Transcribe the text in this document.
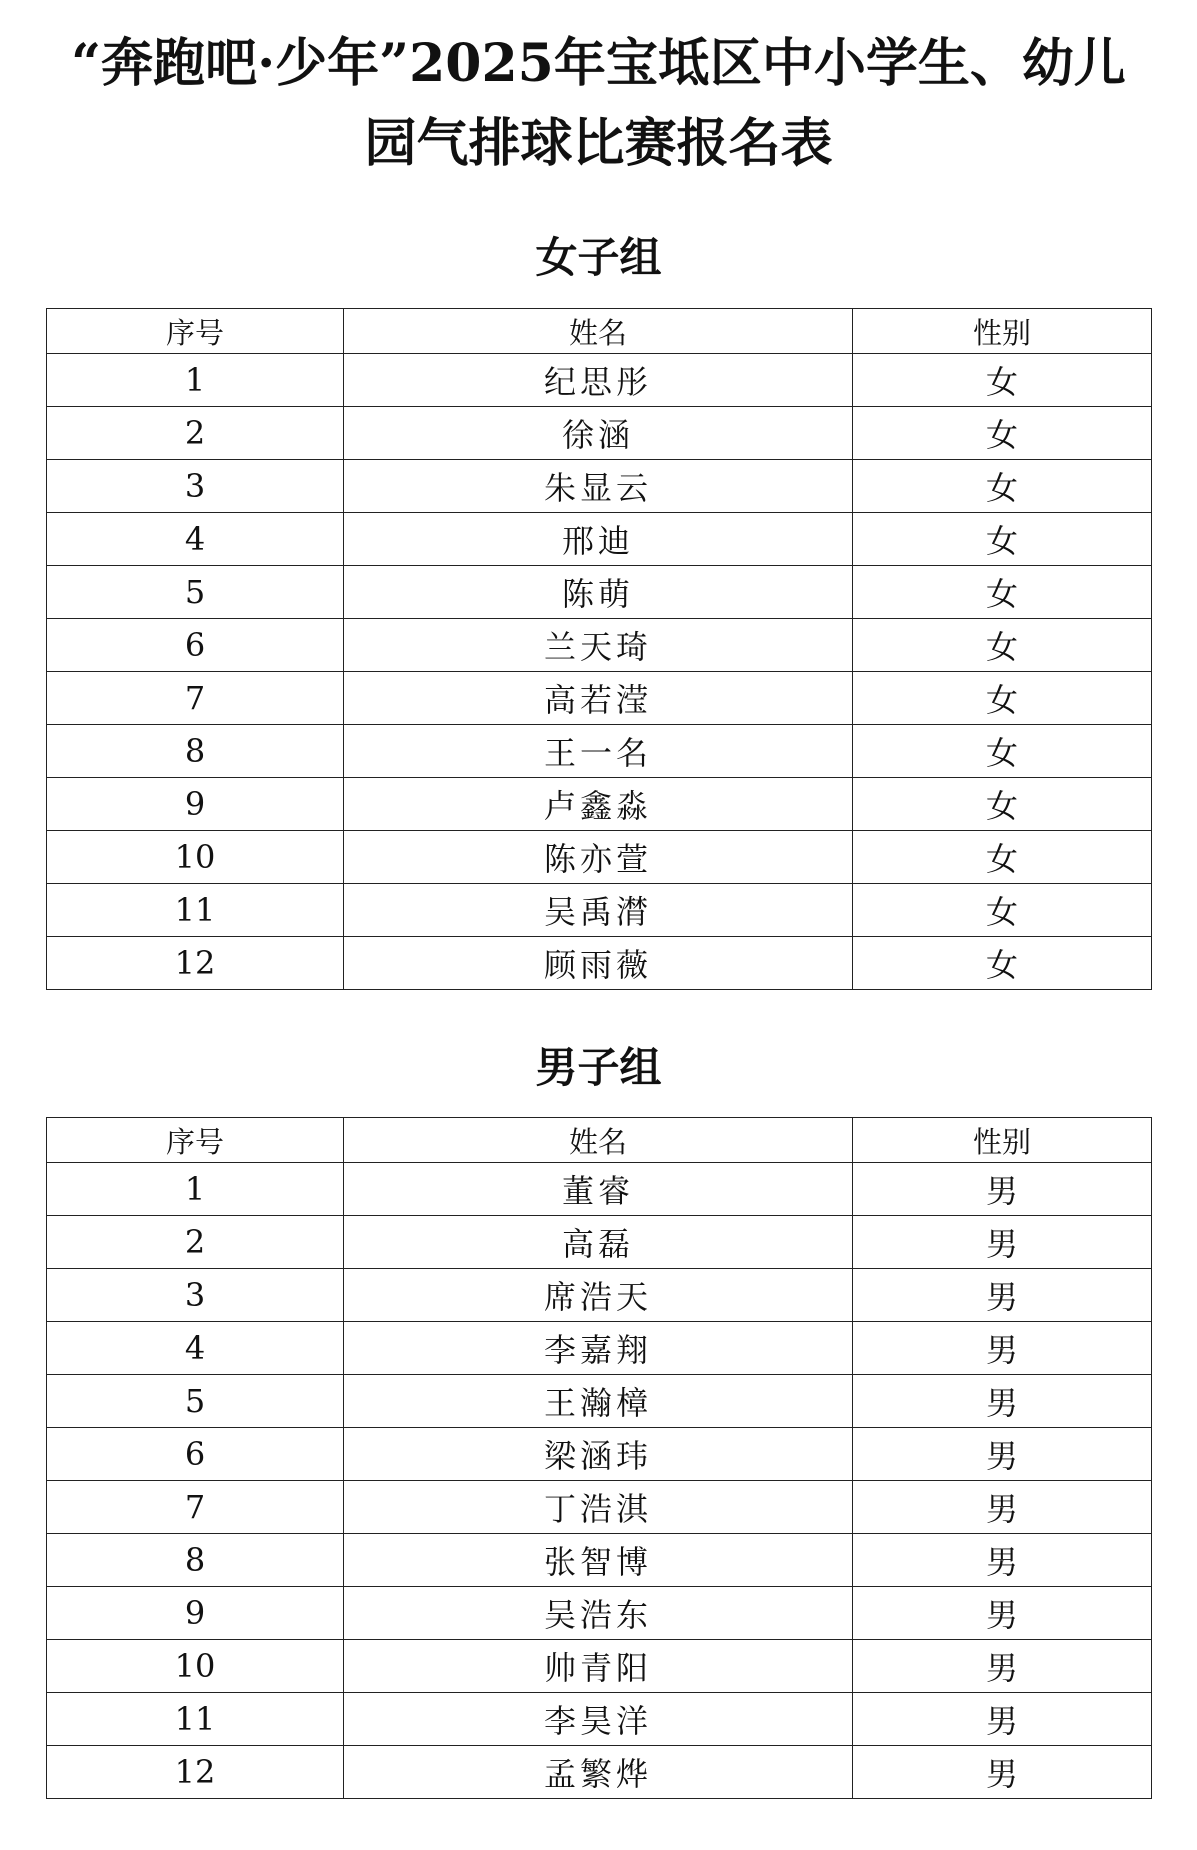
“奔跑吧·少年”2025年宝坻区中小学生、幼儿
园气排球比赛报名表
女子组
序号	姓名	性别
1	纪思彤	女
2	徐涵	女
3	朱显云	女
4	邢迪	女
5	陈萌	女
6	兰天琦	女
7	高若滢	女
8	王一名	女
9	卢鑫淼	女
10	陈亦萱	女
11	吴禹潸	女
12	顾雨薇	女
男子组
序号	姓名	性别
1	董睿	男
2	高磊	男
3	席浩天	男
4	李嘉翔	男
5	王瀚樟	男
6	梁涵玮	男
7	丁浩淇	男
8	张智博	男
9	吴浩东	男
10	帅青阳	男
11	李昊洋	男
12	孟繁烨	男
